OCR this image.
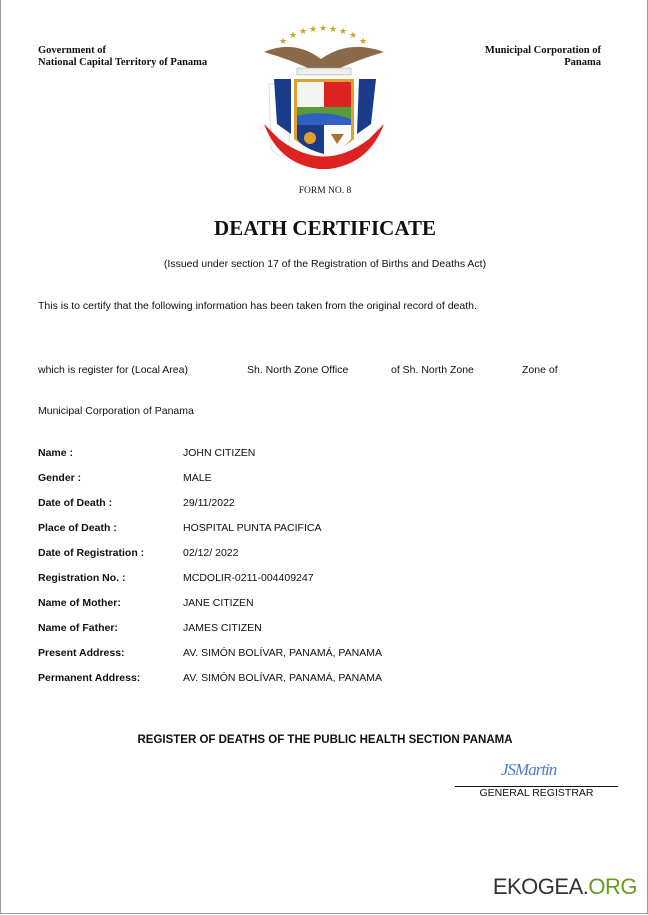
Government of
National Capital Territory of Panama
Municipal Corporation of
Panama
★
★ ★ ★ ★ ★ ★ ★
★
FORM NO. 8
DEATH CERTIFICATE
(Issued under section 17 of the Registration of Births and Deaths Act)
This is to certify that the following information has been taken from the original record of death.
which is register for (Local Area)	Sh. North Zone Office	of Sh. North Zone	Zone of
Municipal Corporation of Panama
Name :	JOHN CITIZEN
Gender :	MALE
Date of Death :	29/11/2022
Place of Death :	HOSPITAL PUNTA PACIFICA
Date of Registration :	02/12/ 2022
Registration No. :	MCDOLIR-0211-004409247
Name of Mother:	JANE CITIZEN
Name of Father:	JAMES CITIZEN
Present Address:	AV. SIMÓN BOLÍVAR, PANAMÁ, PANAMA
Permanent Address:	AV. SIMÓN BOLÍVAR, PANAMÁ, PANAMA
REGISTER OF DEATHS OF THE PUBLIC HEALTH SECTION PANAMA
JSMartin
GENERAL REGISTRAR
EKOGEA.ORG
